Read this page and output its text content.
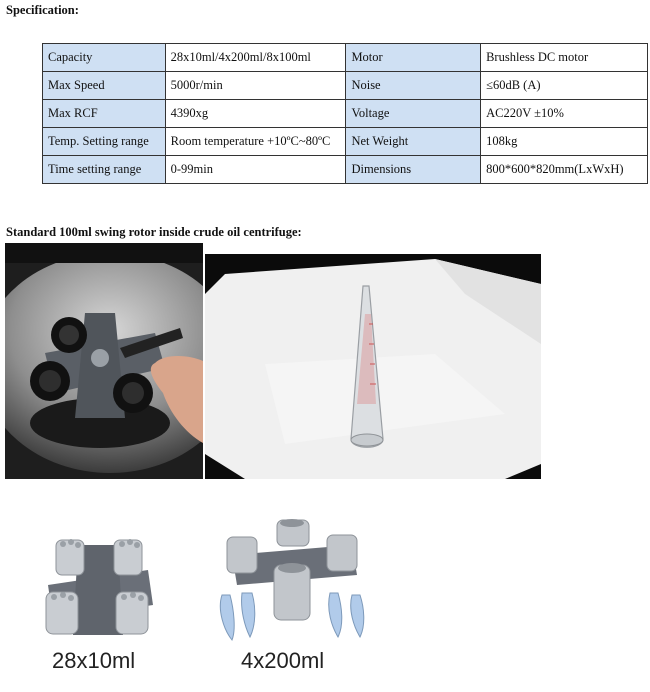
Specification:
Capacity	28x10ml/4x200ml/8x100ml	Motor	Brushless DC motor
Max Speed	5000r/min	Noise	≤60dB (A)
Max RCF	4390xg	Voltage	AC220V ±10%
Temp. Setting range	Room temperature +10ºC~80ºC	Net Weight	108kg
Time setting range	0-99min	Dimensions	800*600*820mm(LxWxH)
Standard 100ml swing rotor inside crude oil centrifuge:
28x10ml	4x200ml
